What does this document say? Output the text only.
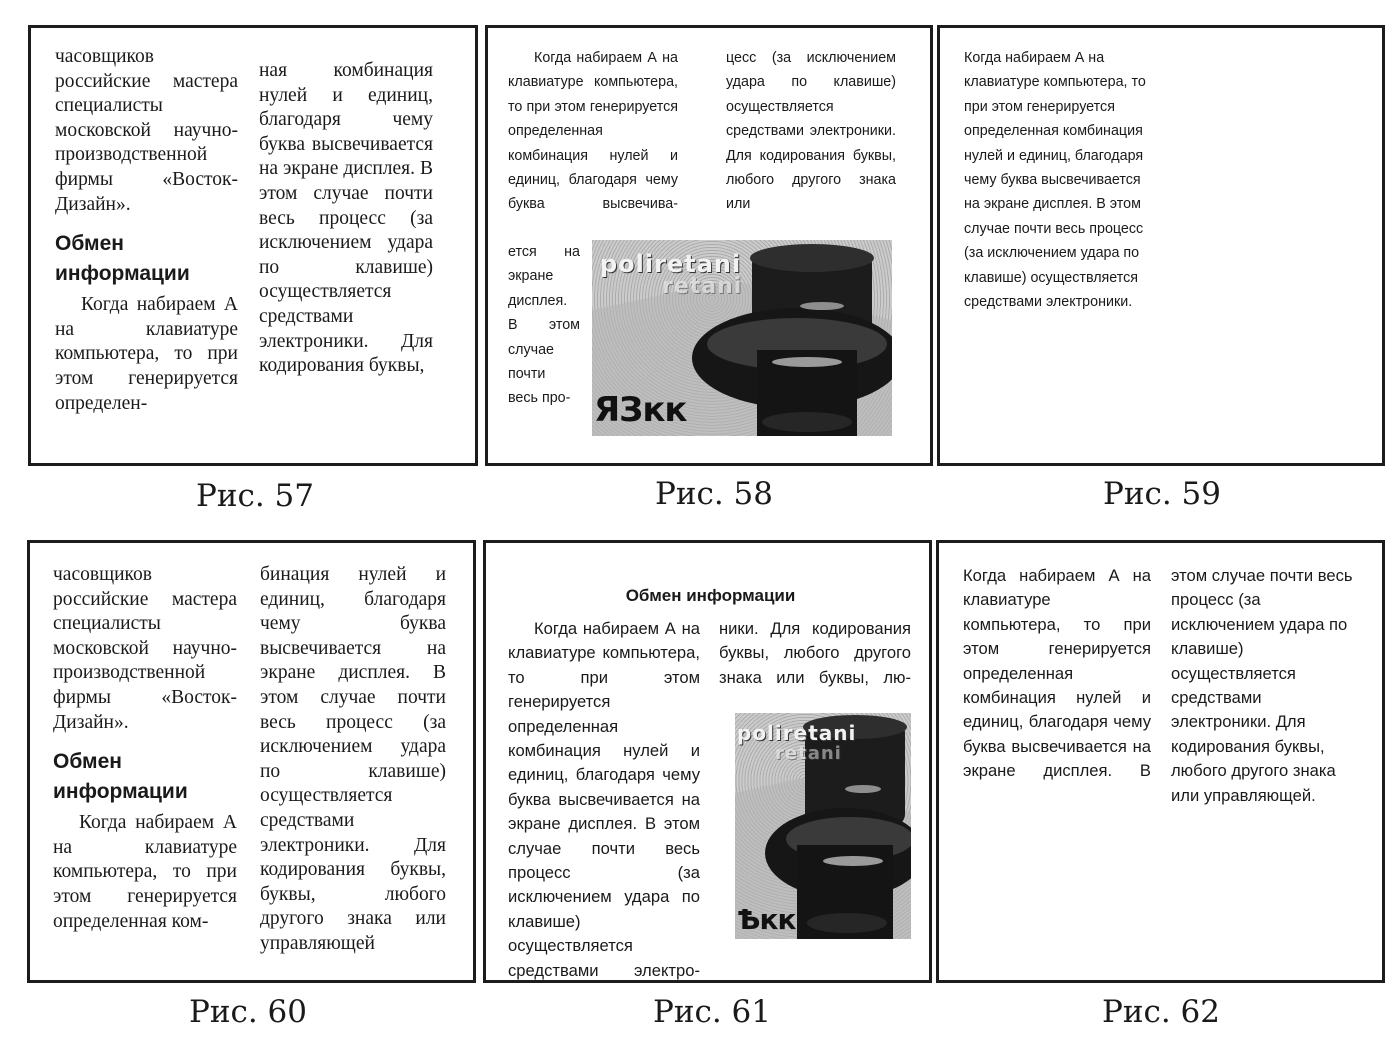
часовщиков российские мастера специалисты московской научно-производственной фирмы «Восток-Дизайн».

Обмен информации

Когда набираем А на клавиатуре компьютера, то при этом генерируется определен-

ная комбинация нулей и единиц, благодаря чему буква высвечивается на экране дисплея. В этом случае почти весь процесс (за исключением удара по клавише) осуществляется средствами электроники. Для кодирования буквы,

Рис. 57

Когда набираем А на клавиатуре компьютера, то при этом генерируется определенная комбинация нулей и единиц, благодаря чему буква высвечива-

ется на

экране

дисплея.

В этом

случае

почти

весь про-

цесс (за исключением удара по клавише) осуществляется средствами электроники. Для кодирования буквы, любого другого знака или

poliretani
retani
ЯЗкк
Рис. 58

Когда набираем А на клавиатуре компьютера, то при этом генерируется определенная комбинация нулей и единиц, благодаря чему буква высвечивается на экране дисплея. В этом случае почти весь процесс (за исключением удара по клавише) осуществляется средствами электроники.

Рис. 59

часовщиков российские мастера специалисты московской научно-производственной фирмы «Восток-Дизайн».

Обмен информации

Когда набираем А на клавиатуре компьютера, то при этом генерируется определенная ком-

бинация нулей и единиц, благодаря чему буква высвечивается на экране дисплея. В этом случае почти весь процесс (за исключением удара по клавише) осуществляется средствами электроники. Для кодирования буквы, буквы, любого другого знака или управляющей

Рис. 60
Обмен информации

Когда набираем А на клавиатуре компьютера, то при этом генерируется определенная комбинация нулей и единиц, благодаря чему буква высвечивается на экране дисплея. В этом случае почти весь процесс (за исключением удара по клавише) осуществляется средствами электро-

ники. Для кодирования буквы, любого другого знака или буквы, лю-

poliretani
retani
Ѣкк
Рис. 61

Когда набираем А на клавиатуре компьютера, то при этом генерируется определенная комбинация нулей и единиц, благодаря чему буква высвечивается на экране дисплея. В

этом случае почти весь процесс (за исключением удара по клавише) осуществляется средствами электроники. Для кодирования буквы, любого другого знака или управляющей.

Рис. 62
